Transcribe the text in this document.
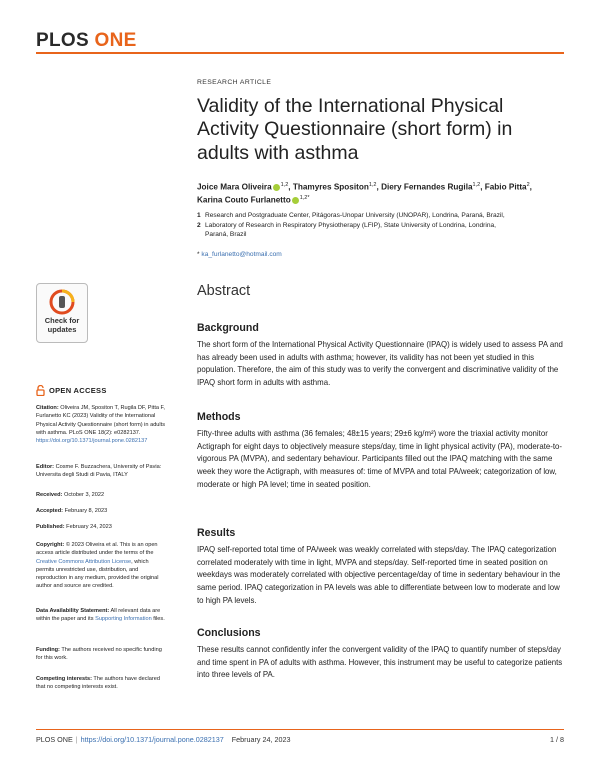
PLOS ONE
RESEARCH ARTICLE
Validity of the International Physical Activity Questionnaire (short form) in adults with asthma
Joice Mara Oliveira $^{1,2}$, Thamyres Spositon$^{1,2}$, Diery Fernandes Rugila$^{1,2}$, Fabio Pitta$^2$,
Karina Couto Furlanetto $^{1,2*}$
1 Research and Postgraduate Center, Pitágoras-Unopar University (UNOPAR), Londrina, Paraná, Brazil,
2 Laboratory of Research in Respiratory Physiotherapy (LFIP), State University of Londrina, Londrina,
Paraná, Brazil
* ka_furlanetto@hotmail.com
Abstract
Background
The short form of the International Physical Activity Questionnaire (IPAQ) is widely used to assess PA and has already been used in adults with asthma; however, its validity has not been yet studied in this population. Therefore, the aim of this study was to verify the convergent and discriminative validity of the IPAQ short form in adults with asthma.
Methods
Fifty-three adults with asthma (36 females; 48±15 years; 29±6 kg/m²) wore the triaxial activity monitor Actigraph for eight days to objectively measure steps/day, time in light physical activity (PA), moderate-to-vigorous PA (MVPA), and sedentary behaviour. Participants filled out the IPAQ matching with the same week they wore the Actigraph, with measures of: time of MVPA and total PA/week; categorization of low, moderate or high PA level; time in seated position.
Results
IPAQ self-reported total time of PA/week was weakly correlated with steps/day. The IPAQ categorization correlated moderately with time in light, MVPA and steps/day. Self-reported time in seated position on weekdays was moderately correlated with objective percentage/day of time in sedentary behaviour in the same period. IPAQ categorization in PA levels was able to differentiate between low to moderate and low to high PA levels.
Conclusions
These results cannot confidently infer the convergent validity of the IPAQ to quantify number of steps/day and time spent in PA of adults with asthma. However, this instrument may be useful to categorize patients into three levels of PA.
Check for
updates
OPEN ACCESS
Citation: Oliveira JM, Spositon T, Rugila DF, Pitta F, Furlanetto KC (2023) Validity of the International Physical Activity Questionnaire (short form) in adults with asthma. PLoS ONE 18(2): e0282137. https://doi.org/10.1371/journal.pone.0282137
Editor: Cosme F. Buzzachera, University of Pavia: Universita degli Studi di Pavia, ITALY
Received: October 3, 2022
Accepted: February 8, 2023
Published: February 24, 2023
Copyright: © 2023 Oliveira et al. This is an open access article distributed under the terms of the Creative Commons Attribution License, which permits unrestricted use, distribution, and reproduction in any medium, provided the original author and source are credited.
Data Availability Statement: All relevant data are within the paper and its Supporting Information files.
Funding: The authors received no specific funding for this work.
Competing interests: The authors have declared that no competing interests exist.
PLOS ONE | https://doi.org/10.1371/journal.pone.0282137
February 24, 2023	1 / 8
